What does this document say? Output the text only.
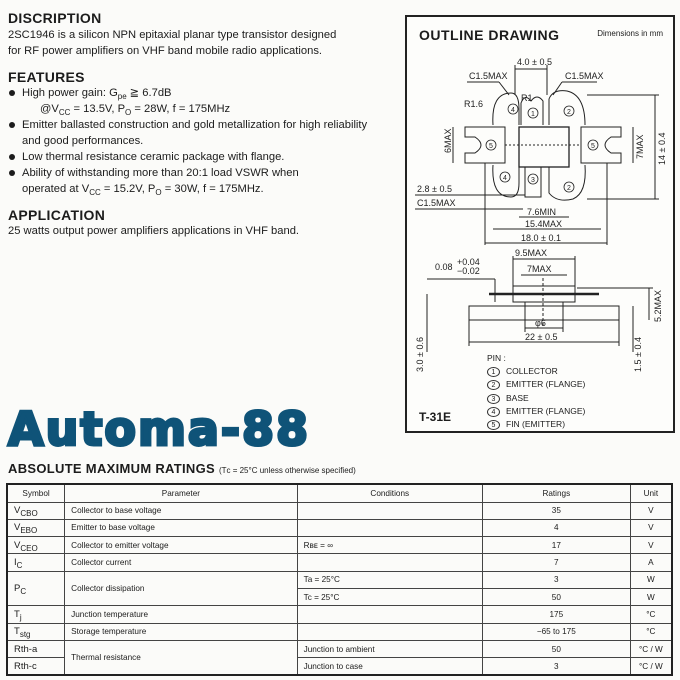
DISCRIPTION
2SC1946 is a silicon NPN epitaxial planar type transistor designed
for RF power amplifiers on VHF band mobile radio applications.
FEATURES
High power gain: $G_{pe}$ ≧ 6.7dB
$@V_{CC} = 13.5V$, $P_O = 28W$, f = 175MHz
Emitter ballasted construction and gold metallization for high reliability and good performances.
Low thermal resistance ceramic package with flange.
Ability of withstanding more than 20:1 load VSWR when
operated at $V_{CC} = 15.2V$, $P_O = 30W$, f = 175MHz.
APPLICATION
25 watts output power amplifiers applications in VHF band.
OUTLINE DRAWING	Dimensions in mm
4.0 ± 0.5
C1.5MAX	C1.5MAX
R1
R1.6
4
1	2
5	5
4	3
2
6MAX	7MAX 14 ± 0.4
2.8 ± 0.5
C1.5MAX
7.6MIN
15.4MAX
18.0 ± 0.1
9.5MAX
0.08 +0.04
−0.02	7MAX
φ6
22 ± 0.5
5.2MAX
3.0 ± 0.6	1.5 ± 0.4
PIN :
1 COLLECTOR
2 EMITTER (FLANGE)
3 BASE
4 EMITTER (FLANGE)
5 FIN (EMITTER)
T-31E
Automa-88
ABSOLUTE MAXIMUM RATINGS (Tᴄ = 25°C unless otherwise specified)
Symbol	Parameter	Conditions	Ratings	Unit
$V_{CBO}$	Collector to base voltage		35	V
$V_{EBO}$	Emitter to base voltage		4	V
$V_{CEO}$	Collector to emitter voltage	Rʙᴇ = ∞	17	V
$I_C$	Collector current		7	A
$P_C$	Collector dissipation	Ta = 25°C	3	W
		Tc = 25°C	50	W
$T_j$	Junction temperature		175	°C
$T_{stg}$	Storage temperature		−65 to 175	°C
Rth-a	Thermal resistance	Junction to ambient	50	°C / W
Rth-c		Junction to case	3	°C / W
